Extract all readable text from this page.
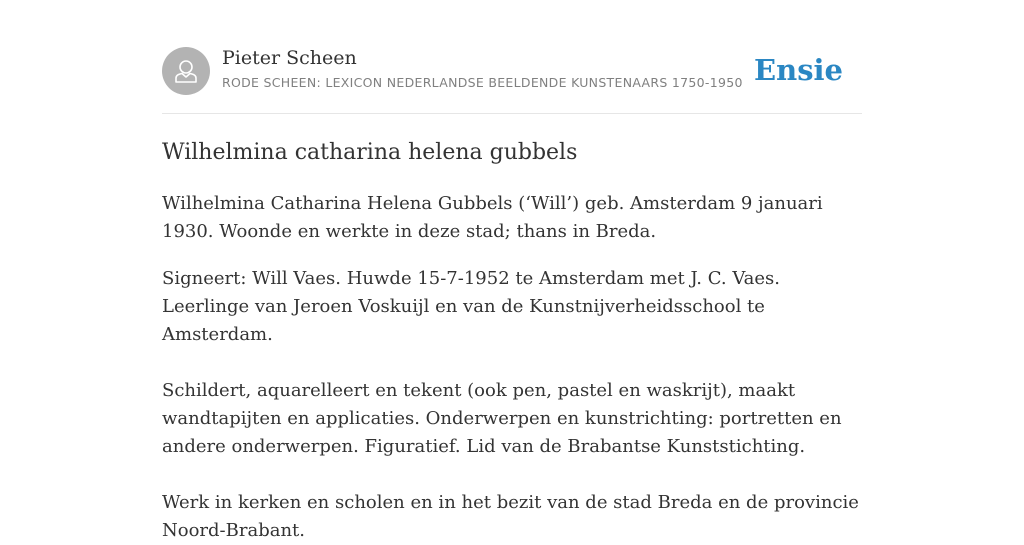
Pieter Scheen
RODE SCHEEN: LEXICON NEDERLANDSE BEELDENDE KUNSTENAARS 1750-1950 Ensie
Wilhelmina catharina helena gubbels

Wilhelmina Catharina Helena Gubbels (‘Will’) geb. Amsterdam 9 januari 1930. Woonde en werkte in deze stad; thans in Breda.

Signeert: Will Vaes. Huwde 15-7-1952 te Amsterdam met J. C. Vaes. Leerlinge van Jeroen Voskuijl en van de Kunstnijverheidsschool te Amsterdam.

Schildert, aquarelleert en tekent (ook pen, pastel en waskrijt), maakt wandtapijten en applicaties. Onderwerpen en kunstrichting: portretten en andere onderwerpen. Figuratief. Lid van de Brabantse Kunststichting.

Werk in kerken en scholen en in het bezit van de stad Breda en de provincie Noord-Brabant.
